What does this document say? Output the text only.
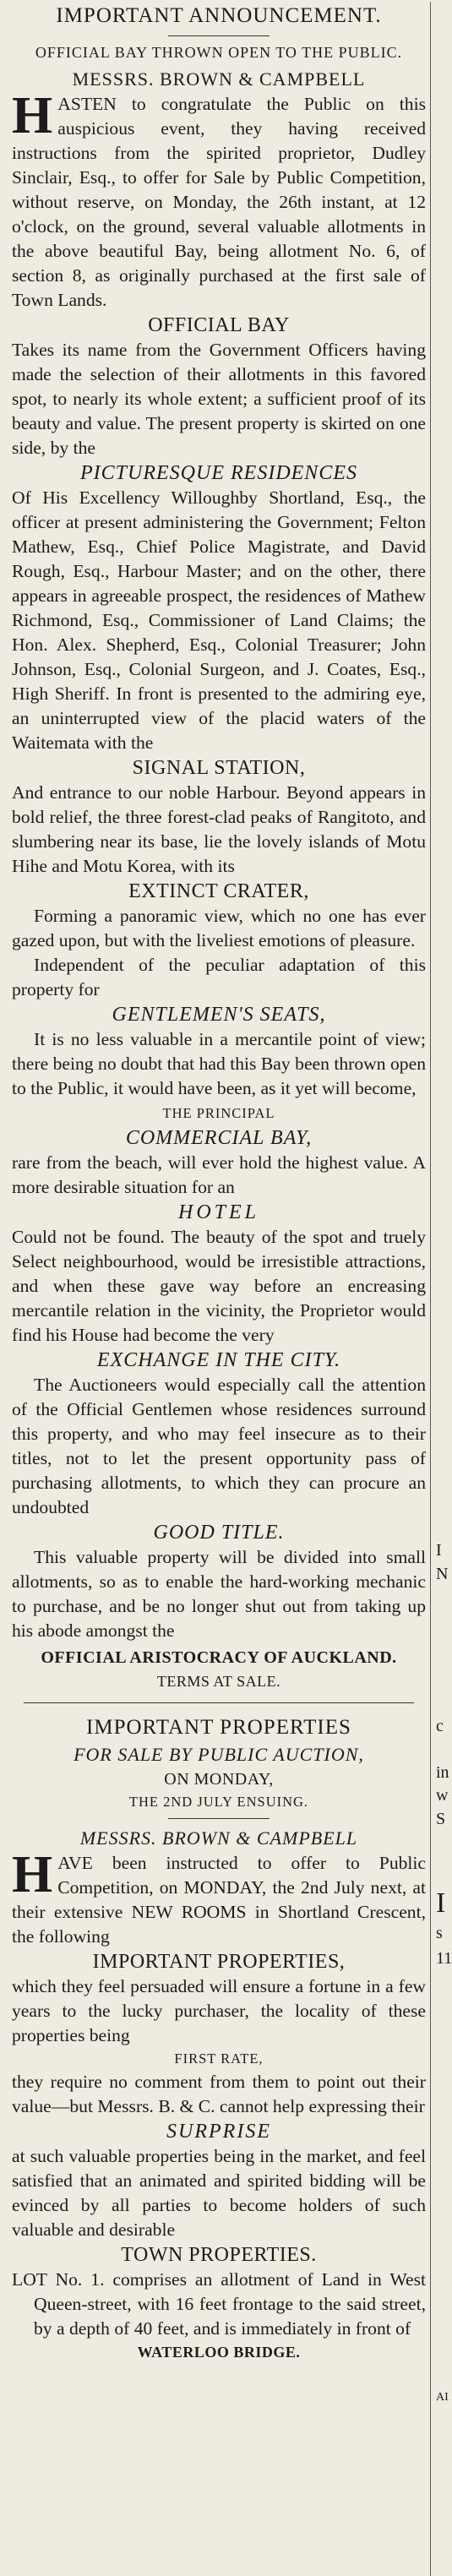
I
N
c
in
w
S
I
s
11
AI

IMPORTANT ANNOUNCEMENT.

OFFICIAL BAY THROWN OPEN TO THE PUBLIC.

MESSRS. BROWN & CAMPBELL

HASTEN to congratulate the Public on this auspicious event, they having received instructions from the spirited proprietor, Dudley Sinclair, Esq., to offer for Sale by Public Competition, without reserve, on Monday, the 26th instant, at 12 o'clock, on the ground, several valuable allotments in the above beautiful Bay, being allotment No. 6, of section 8, as originally purchased at the first sale of Town Lands.

OFFICIAL BAY

Takes its name from the Government Officers having made the selection of their allotments in this favored spot, to nearly its whole extent; a sufficient proof of its beauty and value. The present property is skirted on one side, by the

PICTURESQUE RESIDENCES

Of His Excellency Willoughby Shortland, Esq., the officer at present administering the Government; Felton Mathew, Esq., Chief Police Magistrate, and David Rough, Esq., Harbour Master; and on the other, there appears in agreeable prospect, the residences of Mathew Richmond, Esq., Commissioner of Land Claims; the Hon. Alex. Shepherd, Esq., Colonial Treasurer; John Johnson, Esq., Colonial Surgeon, and J. Coates, Esq., High Sheriff. In front is presented to the admiring eye, an uninterrupted view of the placid waters of the Waitemata with the

SIGNAL STATION,

And entrance to our noble Harbour. Beyond appears in bold relief, the three forest-clad peaks of Rangitoto, and slumbering near its base, lie the lovely islands of Motu Hihe and Motu Korea, with its

EXTINCT CRATER,

Forming a panoramic view, which no one has ever gazed upon, but with the liveliest emotions of pleasure.

Independent of the peculiar adaptation of this property for

GENTLEMEN'S SEATS,

It is no less valuable in a mercantile point of view; there being no doubt that had this Bay been thrown open to the Public, it would have been, as it yet will become,

THE PRINCIPAL

COMMERCIAL BAY,

rare from the beach, will ever hold the highest value. A more desirable situation for an

HOTEL

Could not be found. The beauty of the spot and truely Select neighbourhood, would be irresistible attractions, and when these gave way before an encreasing mercantile relation in the vicinity, the Proprietor would find his House had become the very

EXCHANGE IN THE CITY.

The Auctioneers would especially call the attention of the Official Gentlemen whose residences surround this property, and who may feel insecure as to their titles, not to let the present opportunity pass of purchasing allotments, to which they can procure an undoubted

GOOD TITLE.

This valuable property will be divided into small allotments, so as to enable the hard-working mechanic to purchase, and be no longer shut out from taking up his abode amongst the

OFFICIAL ARISTOCRACY OF AUCKLAND.

TERMS AT SALE.

IMPORTANT PROPERTIES

FOR SALE BY PUBLIC AUCTION,

ON MONDAY,

THE 2ND JULY ENSUING.

MESSRS. BROWN & CAMPBELL

HAVE been instructed to offer to Public Competition, on MONDAY, the 2nd July next, at their extensive NEW ROOMS in Shortland Crescent, the following

IMPORTANT PROPERTIES,

which they feel persuaded will ensure a fortune in a few years to the lucky purchaser, the locality of these properties being

FIRST RATE,

they require no comment from them to point out their value—but Messrs. B. & C. cannot help expressing their

SURPRISE

at such valuable properties being in the market, and feel satisfied that an animated and spirited bidding will be evinced by all parties to become holders of such valuable and desirable

TOWN PROPERTIES.

LOT No. 1. comprises an allotment of Land in West Queen-street, with 16 feet frontage to the said street, by a depth of 40 feet, and is immediately in front of

WATERLOO BRIDGE.
